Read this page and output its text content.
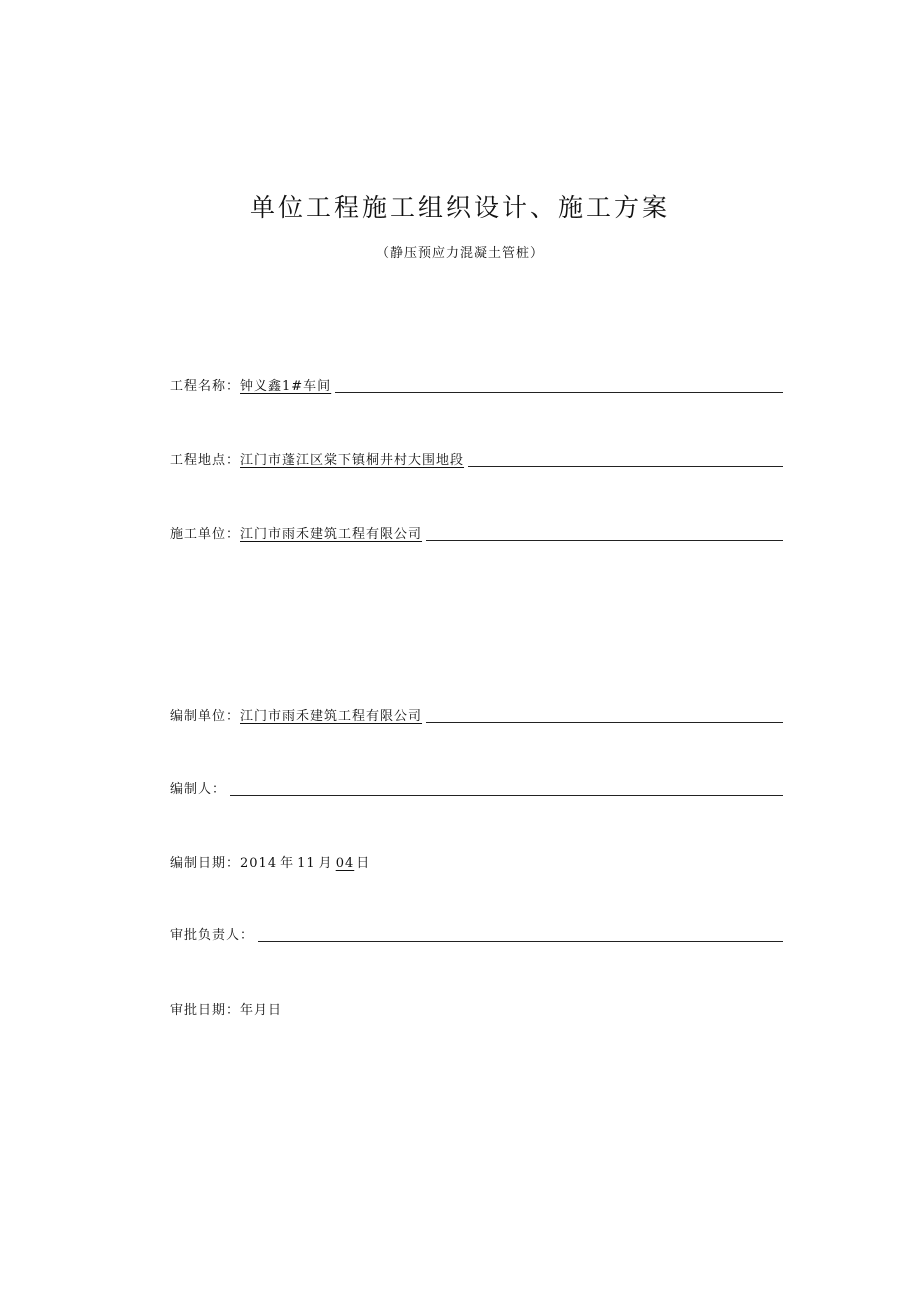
单位工程施工组织设计、施工方案
（静压预应力混凝土管桩）
工程名称： 钟义鑫1#车间
工程地点： 江门市蓬江区棠下镇桐井村大围地段
施工单位： 江门市雨禾建筑工程有限公司
编制单位： 江门市雨禾建筑工程有限公司
编制人：
编制日期： 2014 年 11 月 04 日
审批负责人：
审批日期： 年月日
